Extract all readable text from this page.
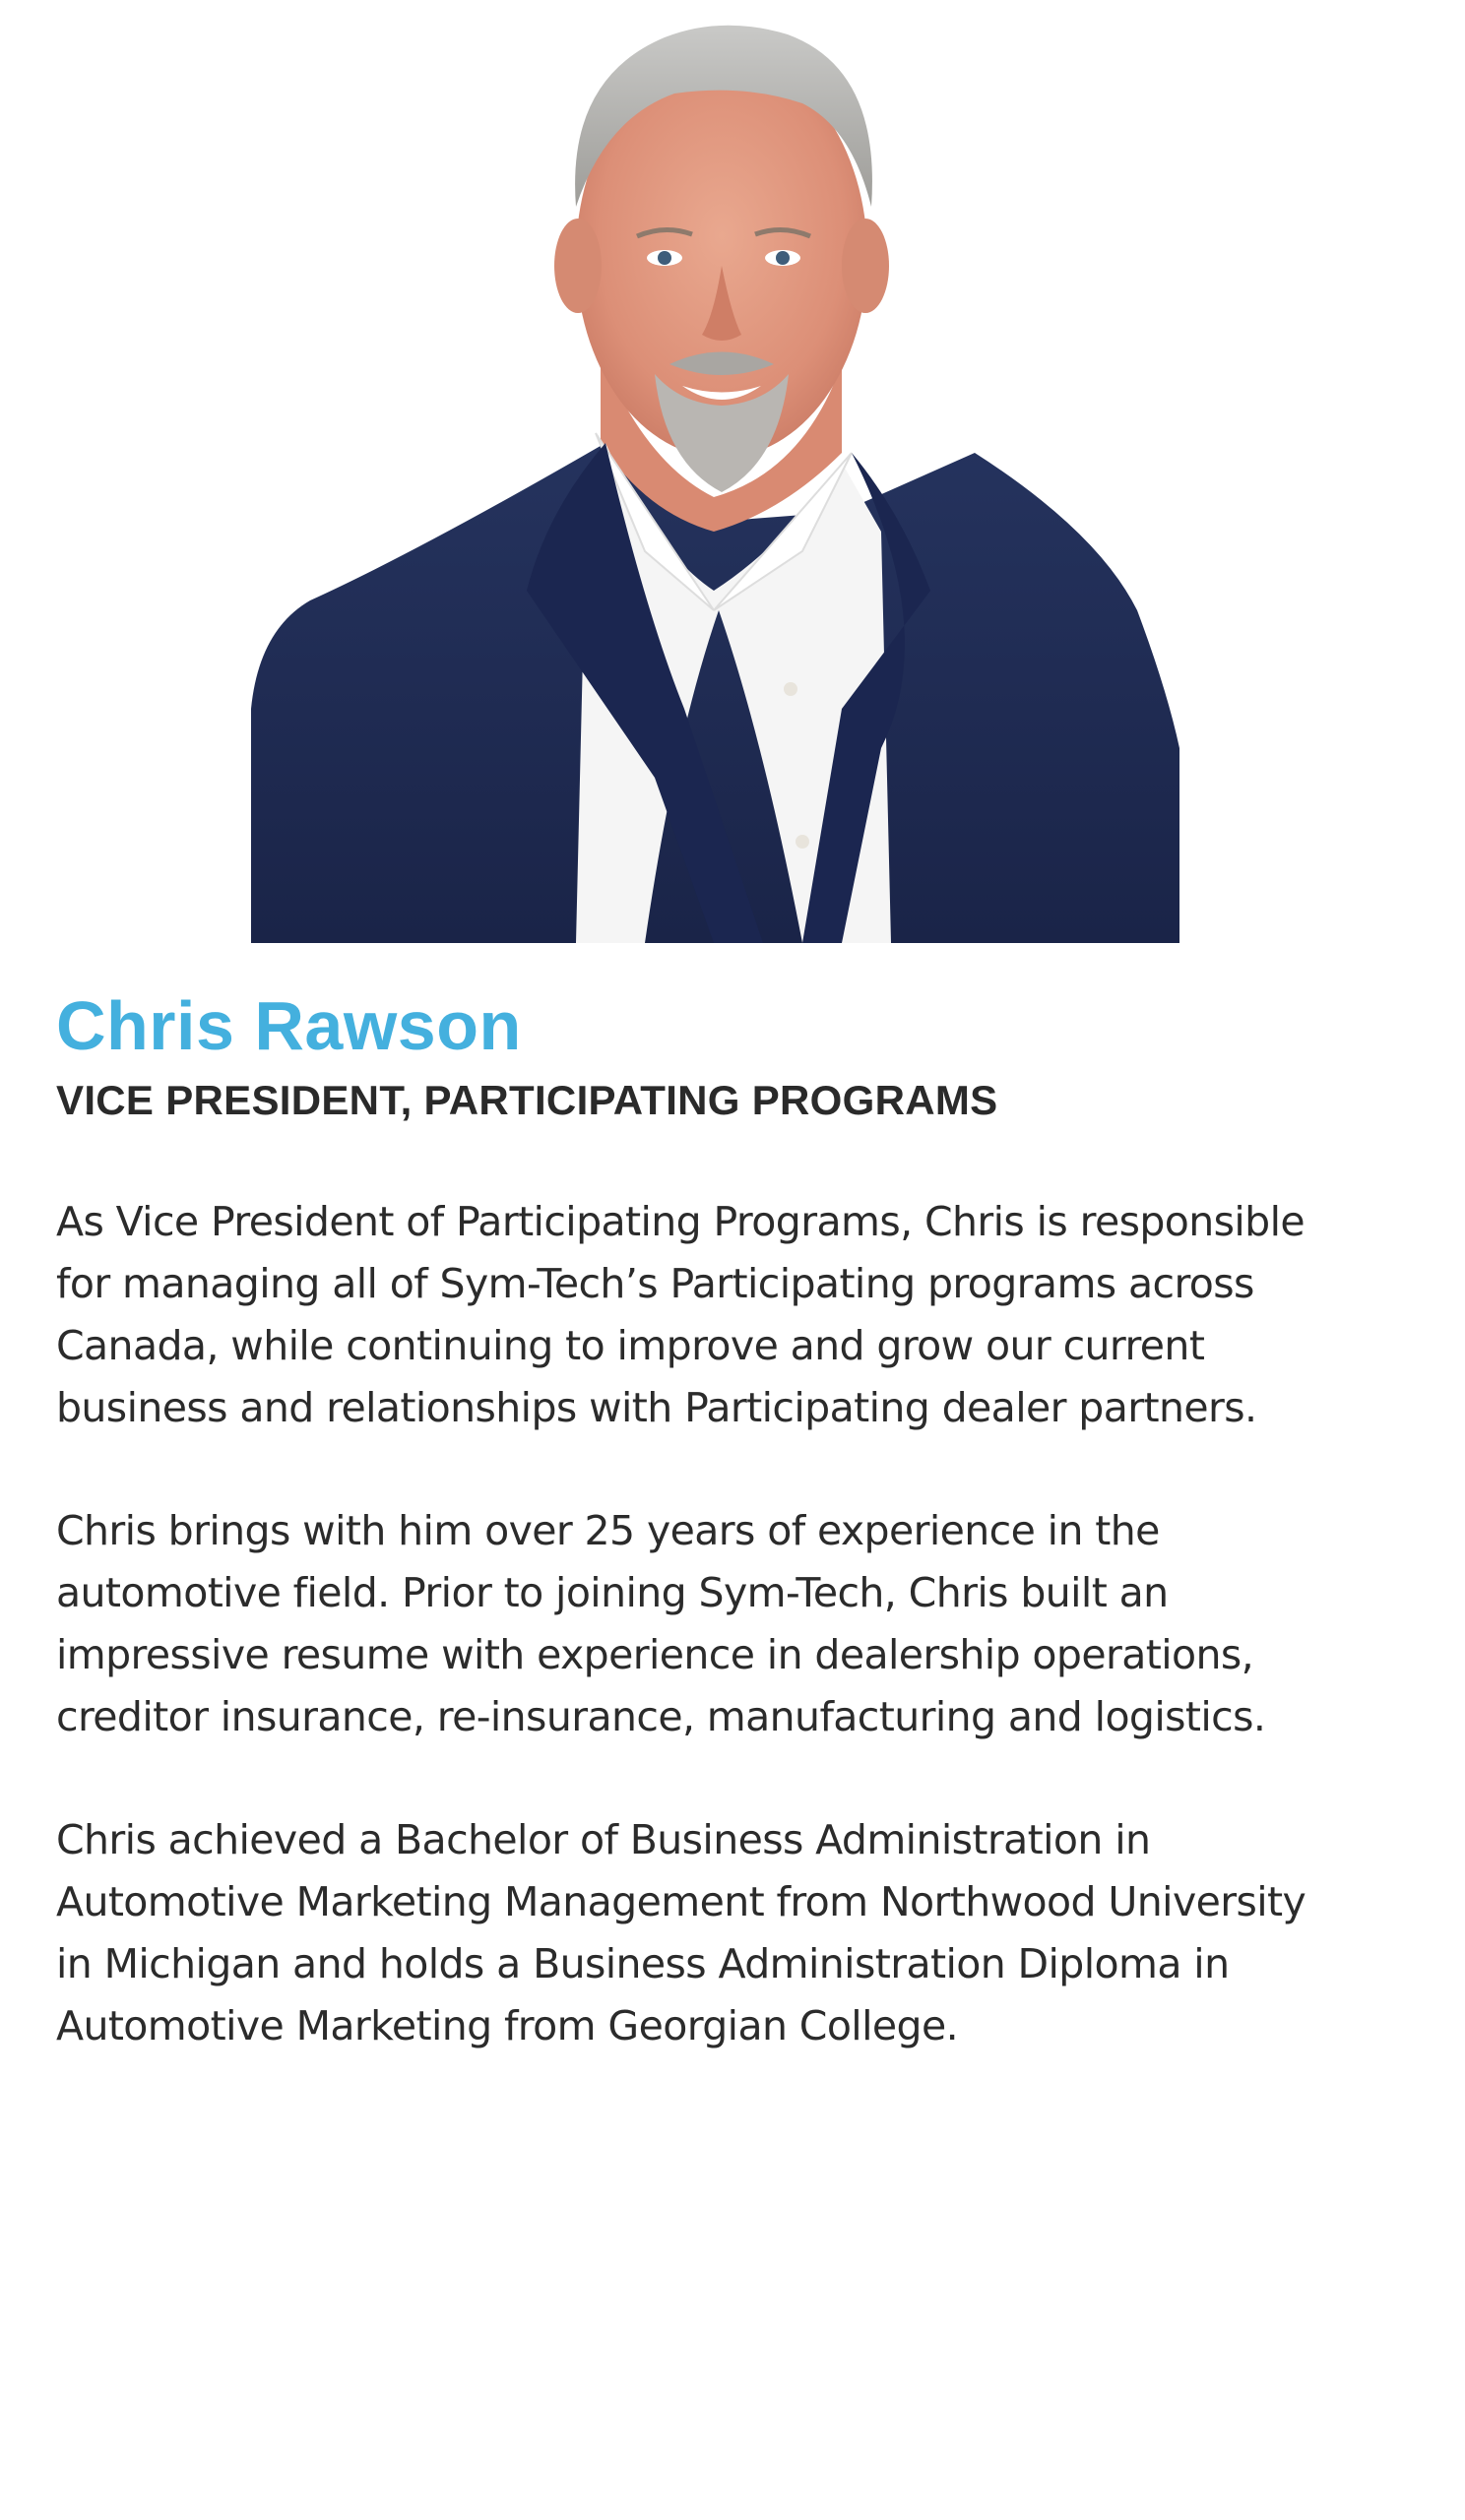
Chris Rawson
VICE PRESIDENT, PARTICIPATING PROGRAMS

As Vice President of Participating Programs, Chris is responsible
for managing all of Sym-Tech’s Participating programs across
Canada, while continuing to improve and grow our current
business and relationships with Participating dealer partners.

Chris brings with him over 25 years of experience in the
automotive field. Prior to joining Sym-Tech, Chris built an
impressive resume with experience in dealership operations,
creditor insurance, re-insurance, manufacturing and logistics.

Chris achieved a Bachelor of Business Administration in
Automotive Marketing Management from Northwood University
in Michigan and holds a Business Administration Diploma in
Automotive Marketing from Georgian College.
